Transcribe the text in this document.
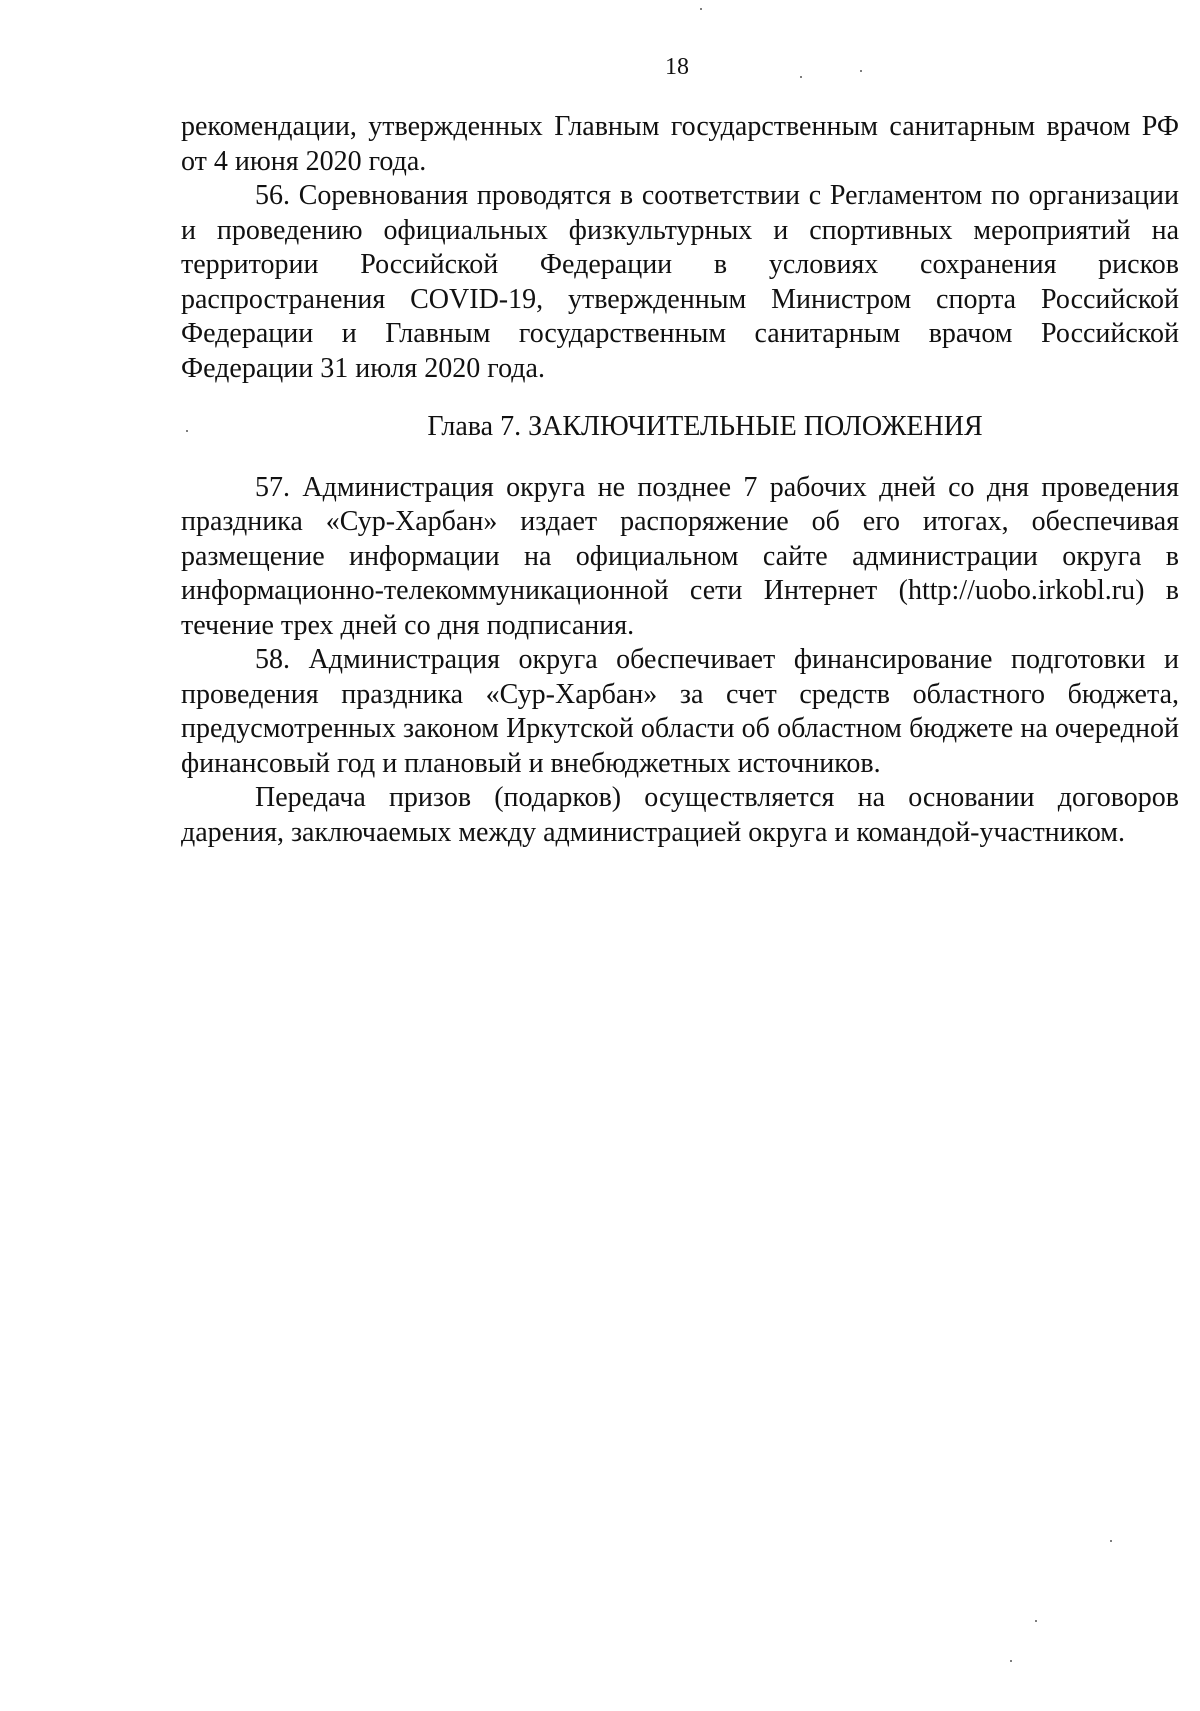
18

рекомендации, утвержденных Главным государственным санитарным врачом РФ от 4 июня 2020 года.

56. Соревнования проводятся в соответствии с Регламентом по организации и проведению официальных физкультурных и спортивных мероприятий на территории Российской Федерации в условиях сохранения рисков распространения COVID-19, утвержденным Министром спорта Российской Федерации и Главным государственным санитарным врачом Российской Федерации 31 июля 2020 года.

Глава 7. ЗАКЛЮЧИТЕЛЬНЫЕ ПОЛОЖЕНИЯ

57. Администрация округа не позднее 7 рабочих дней со дня проведения праздника «Сур-Харбан» издает распоряжение об его итогах, обеспечивая размещение информации на официальном сайте администрации округа в информационно-телекоммуникационной сети Интернет (http://uobo.irkobl.ru) в течение трех дней со дня подписания.

58. Администрация округа обеспечивает финансирование подготовки и проведения праздника «Сур-Харбан» за счет средств областного бюджета, предусмотренных законом Иркутской области об областном бюджете на очередной финансовый год и плановый и внебюджетных источников.

Передача призов (подарков) осуществляется на основании договоров дарения, заключаемых между администрацией округа и командой-участником.
